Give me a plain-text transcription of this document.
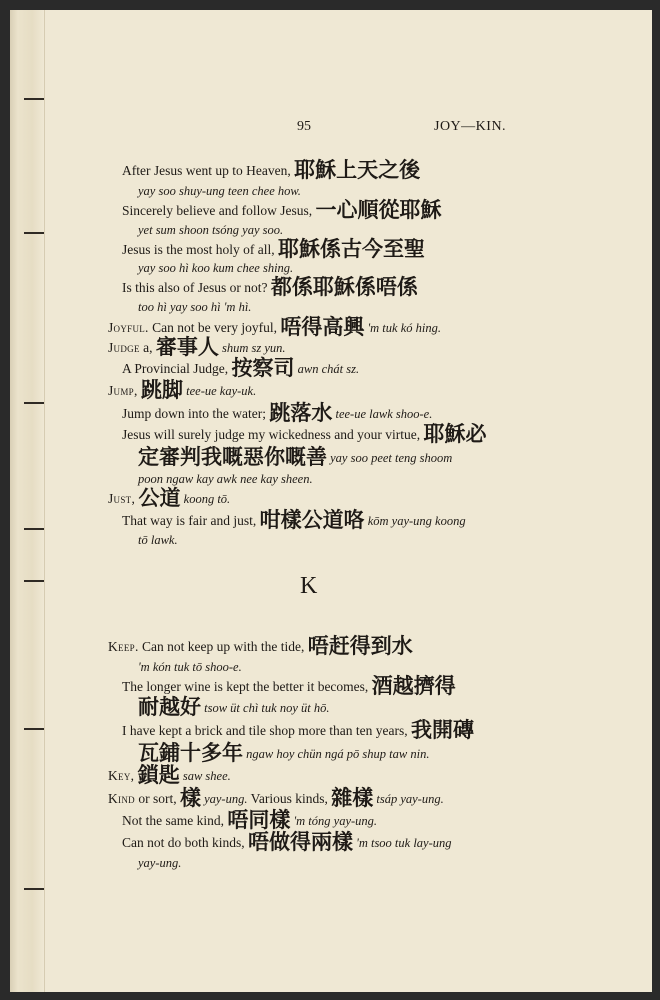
95	JOY—KIN.
K
After Jesus went up to Heaven, 耶穌上天之後
yay soo shuy-ung teen chee how.
Sincerely believe and follow Jesus, 一心順從耶穌
yet sum shoon tsóng yay soo.
Jesus is the most holy of all, 耶穌係古今至聖
yay soo hì koo kum chee shing.
Is this also of Jesus or not? 都係耶穌係唔係
too hì yay soo hì 'm hì.
Joyful. Can not be very joyful, 唔得高興 'm tuk kó hing.
Judge a, 審事人 shum sz yun.
A Provincial Judge, 按察司 awn chát sz.
Jump, 跳脚 tee-ue kay-uk.
Jump down into the water; 跳落水 tee-ue lawk shoo-e.
Jesus will surely judge my wickedness and your virtue, 耶穌必
定審判我嘅惡你嘅善 yay soo peet teng shoom
poon ngaw kay awk nee kay sheen.
Just, 公道 koong tō.
That way is fair and just, 咁樣公道咯 kōm yay-ung koong
tō lawk.
Keep. Can not keep up with the tide, 唔赶得到水
'm kón tuk tō shoo-e.
The longer wine is kept the better it becomes, 酒越擠得
耐越好 tsow üt chì tuk noy üt hō.
I have kept a brick and tile shop more than ten years, 我開磚
瓦鋪十多年 ngaw hoy chün ngá pō shup taw nin.
Key, 鎖匙 saw shee.
Kind or sort, 樣 yay-ung. Various kinds, 雜樣 tsáp yay-ung.
Not the same kind, 唔同樣 'm tóng yay-ung.
Can not do both kinds, 唔做得兩樣 'm tsoo tuk lay-ung
yay-ung.
